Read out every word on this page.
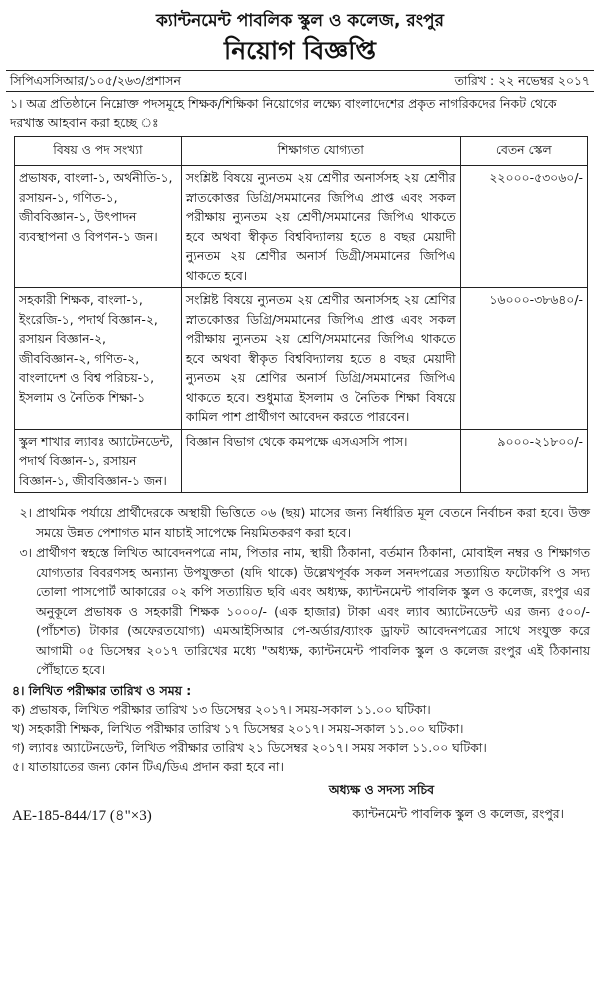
ক্যান্টনমেন্ট পাবলিক স্কুল ও কলেজ, রংপুর
নিয়োগ বিজ্ঞপ্তি
সিপিএসসিআর/১০৫/২৬৩/প্রশাসন	তারিখ : ২২ নভেম্বর ২০১৭
১। অত্র প্রতিষ্ঠানে নিম্নোক্ত পদসমূহে শিক্ষক/শিক্ষিকা নিয়োগের লক্ষ্যে বাংলাদেশের প্রকৃত নাগরিকদের নিকট থেকে দরখাস্ত আহবান করা হচ্ছে ঃ
বিষয় ও পদ সংখ্যা	শিক্ষাগত যোগ্যতা	বেতন স্কেল
প্রভাষক, বাংলা-১, অর্থনীতি-১, রসায়ন-১, গণিত-১, জীববিজ্ঞান-১, উৎপাদন ব্যবস্থাপনা ও বিপণন-১ জন।	সংশ্লিষ্ট বিষয়ে ন্যুনতম ২য় শ্রেণীর অনার্সসহ ২য় শ্রেণীর স্নাতকোত্তর ডিগ্রি/সমমানের জিপিএ প্রাপ্ত এবং সকল পরীক্ষায় ন্যুনতম ২য় শ্রেণী/সমমানের জিপিএ থাকতে হবে অথবা স্বীকৃত বিশ্ববিদ্যালয় হতে ৪ বছর মেয়াদী ন্যুনতম ২য় শ্রেণীর অনার্স ডিগ্রী/সমমানের জিপিএ থাকতে হবে।	২২০০০-৫৩০৬০/-
সহকারী শিক্ষক, বাংলা-১, ইংরেজি-১, পদার্থ বিজ্ঞান-২, রসায়ন বিজ্ঞান-২, জীববিজ্ঞান-২, গণিত-২, বাংলাদেশ ও বিশ্ব পরিচয়-১, ইসলাম ও নৈতিক শিক্ষা-১	সংশ্লিষ্ট বিষয়ে ন্যুনতম ২য় শ্রেণীর অনার্সসহ ২য় শ্রেণির স্নাতকোত্তর ডিগ্রি/সমমানের জিপিএ প্রাপ্ত এবং সকল পরীক্ষায় ন্যুনতম ২য় শ্রেণি/সমমানের জিপিএ থাকতে হবে অথবা স্বীকৃত বিশ্ববিদ্যালয় হতে ৪ বছর মেয়াদী ন্যুনতম ২য় শ্রেণির অনার্স ডিগ্রি/সমমানের জিপিএ থাকতে হবে। শুধুমাত্র ইসলাম ও নৈতিক শিক্ষা বিষয়ে কামিল পাশ প্রার্থীগণ আবেদন করতে পারবেন।	১৬০০০-৩৮৬৪০/-
স্কুল শাখার ল্যাবঃ অ্যাটেনডেন্ট, পদার্থ বিজ্ঞান-১, রসায়ন বিজ্ঞান-১, জীববিজ্ঞান-১ জন।	বিজ্ঞান বিভাগ থেকে কমপক্ষে এসএসসি পাস।	৯০০০-২১৮০০/-
২। প্রাথমিক পর্যায়ে প্রার্থীদেরকে অস্থায়ী ভিত্তিতে ০৬ (ছয়) মাসের জন্য নির্ধারিত মূল বেতনে নির্বাচন করা হবে। উক্ত সময়ে উন্নত পেশাগত মান যাচাই সাপেক্ষে নিয়মিতকরণ করা হবে।
৩। প্রার্থীগণ স্বহস্তে লিখিত আবেদনপত্রে নাম, পিতার নাম, স্থায়ী ঠিকানা, বর্তমান ঠিকানা, মোবাইল নম্বর ও শিক্ষাগত যোগ্যতার বিবরণসহ অন্যান্য উপযুক্ততা (যদি থাকে) উল্লেখপূর্বক সকল সনদপত্রের সত্যায়িত ফটোকপি ও সদ্য তোলা পাসপোর্ট আকারের ০২ কপি সত্যায়িত ছবি এবং অধ্যক্ষ, ক্যান্টনমেন্ট পাবলিক স্কুল ও কলেজ, রংপুর এর অনুকূলে প্রভাষক ও সহকারী শিক্ষক ১০০০/- (এক হাজার) টাকা এবং ল্যাব অ্যাটেনডেন্ট এর জন্য ৫০০/- (পাঁচশত) টাকার (অফেরতযোগ্য) এমআইসিআর পে-অর্ডার/ব্যাংক ড্রাফট আবেদনপত্রের সাথে সংযুক্ত করে আগামী ০৫ ডিসেম্বর ২০১৭ তারিখের মধ্যে "অধ্যক্ষ, ক্যান্টনমেন্ট পাবলিক স্কুল ও কলেজ রংপুর এই ঠিকানায় পৌঁছাতে হবে।
৪। লিখিত পরীক্ষার তারিখ ও সময় :
ক) প্রভাষক, লিখিত পরীক্ষার তারিখ ১৩ ডিসেম্বর ২০১৭। সময়-সকাল ১১.০০ ঘটিকা।
খ) সহকারী শিক্ষক, লিখিত পরীক্ষার তারিখ ১৭ ডিসেম্বর ২০১৭। সময়-সকাল ১১.০০ ঘটিকা।
গ) ল্যাবঃ অ্যাটেনডেন্ট, লিখিত পরীক্ষার তারিখ ২১ ডিসেম্বর ২০১৭। সময় সকাল ১১.০০ ঘটিকা।
৫। যাতায়াতের জন্য কোন টিএ/ডিএ প্রদান করা হবে না।
অধ্যক্ষ ও সদস্য সচিব
AE-185-844/17 (৪"×3)	ক্যান্টনমেন্ট পাবলিক স্কুল ও কলেজ, রংপুর।
